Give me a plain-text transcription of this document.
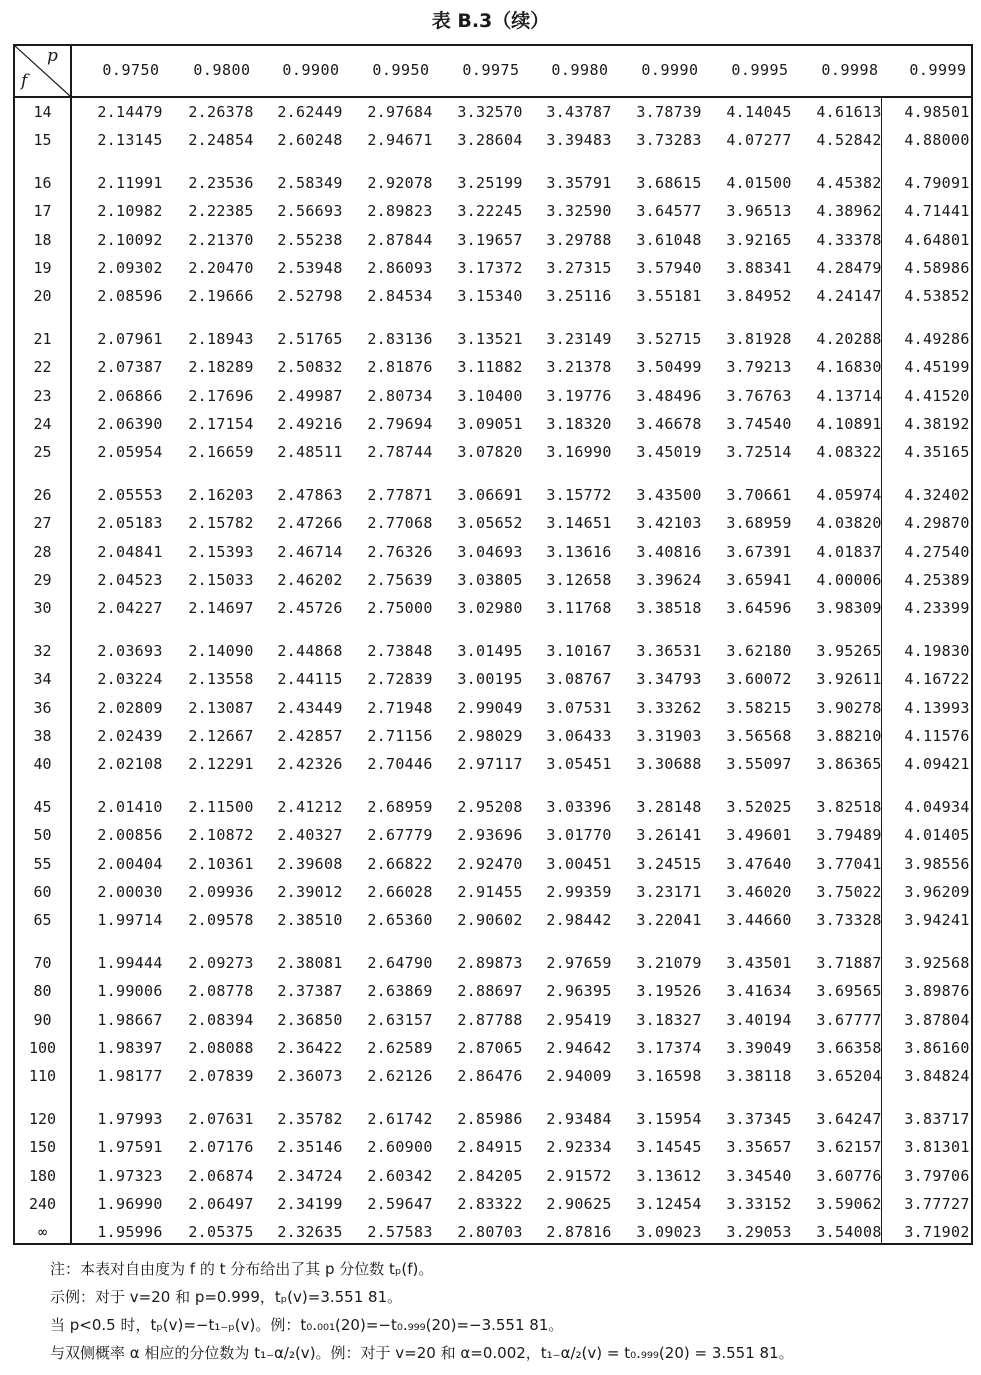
表 B.3（续）
p
f
0.9750	0.9800	0.9900	0.9950	0.9975	0.9980	0.9990	0.9995	0.9998	0.9999
14	2.14479	2.26378	2.62449	2.97684	3.32570	3.43787	3.78739	4.14045	4.61613	4.98501
15	2.13145	2.24854	2.60248	2.94671	3.28604	3.39483	3.73283	4.07277	4.52842	4.88000
16	2.11991	2.23536	2.58349	2.92078	3.25199	3.35791	3.68615	4.01500	4.45382	4.79091
17	2.10982	2.22385	2.56693	2.89823	3.22245	3.32590	3.64577	3.96513	4.38962	4.71441
18	2.10092	2.21370	2.55238	2.87844	3.19657	3.29788	3.61048	3.92165	4.33378	4.64801
19	2.09302	2.20470	2.53948	2.86093	3.17372	3.27315	3.57940	3.88341	4.28479	4.58986
20	2.08596	2.19666	2.52798	2.84534	3.15340	3.25116	3.55181	3.84952	4.24147	4.53852
21	2.07961	2.18943	2.51765	2.83136	3.13521	3.23149	3.52715	3.81928	4.20288	4.49286
22	2.07387	2.18289	2.50832	2.81876	3.11882	3.21378	3.50499	3.79213	4.16830	4.45199
23	2.06866	2.17696	2.49987	2.80734	3.10400	3.19776	3.48496	3.76763	4.13714	4.41520
24	2.06390	2.17154	2.49216	2.79694	3.09051	3.18320	3.46678	3.74540	4.10891	4.38192
25	2.05954	2.16659	2.48511	2.78744	3.07820	3.16990	3.45019	3.72514	4.08322	4.35165
26	2.05553	2.16203	2.47863	2.77871	3.06691	3.15772	3.43500	3.70661	4.05974	4.32402
27	2.05183	2.15782	2.47266	2.77068	3.05652	3.14651	3.42103	3.68959	4.03820	4.29870
28	2.04841	2.15393	2.46714	2.76326	3.04693	3.13616	3.40816	3.67391	4.01837	4.27540
29	2.04523	2.15033	2.46202	2.75639	3.03805	3.12658	3.39624	3.65941	4.00006	4.25389
30	2.04227	2.14697	2.45726	2.75000	3.02980	3.11768	3.38518	3.64596	3.98309	4.23399
32	2.03693	2.14090	2.44868	2.73848	3.01495	3.10167	3.36531	3.62180	3.95265	4.19830
34	2.03224	2.13558	2.44115	2.72839	3.00195	3.08767	3.34793	3.60072	3.92611	4.16722
36	2.02809	2.13087	2.43449	2.71948	2.99049	3.07531	3.33262	3.58215	3.90278	4.13993
38	2.02439	2.12667	2.42857	2.71156	2.98029	3.06433	3.31903	3.56568	3.88210	4.11576
40	2.02108	2.12291	2.42326	2.70446	2.97117	3.05451	3.30688	3.55097	3.86365	4.09421
45	2.01410	2.11500	2.41212	2.68959	2.95208	3.03396	3.28148	3.52025	3.82518	4.04934
50	2.00856	2.10872	2.40327	2.67779	2.93696	3.01770	3.26141	3.49601	3.79489	4.01405
55	2.00404	2.10361	2.39608	2.66822	2.92470	3.00451	3.24515	3.47640	3.77041	3.98556
60	2.00030	2.09936	2.39012	2.66028	2.91455	2.99359	3.23171	3.46020	3.75022	3.96209
65	1.99714	2.09578	2.38510	2.65360	2.90602	2.98442	3.22041	3.44660	3.73328	3.94241
70	1.99444	2.09273	2.38081	2.64790	2.89873	2.97659	3.21079	3.43501	3.71887	3.92568
80	1.99006	2.08778	2.37387	2.63869	2.88697	2.96395	3.19526	3.41634	3.69565	3.89876
90	1.98667	2.08394	2.36850	2.63157	2.87788	2.95419	3.18327	3.40194	3.67777	3.87804
100	1.98397	2.08088	2.36422	2.62589	2.87065	2.94642	3.17374	3.39049	3.66358	3.86160
110	1.98177	2.07839	2.36073	2.62126	2.86476	2.94009	3.16598	3.38118	3.65204	3.84824
120	1.97993	2.07631	2.35782	2.61742	2.85986	2.93484	3.15954	3.37345	3.64247	3.83717
150	1.97591	2.07176	2.35146	2.60900	2.84915	2.92334	3.14545	3.35657	3.62157	3.81301
180	1.97323	2.06874	2.34724	2.60342	2.84205	2.91572	3.13612	3.34540	3.60776	3.79706
240	1.96990	2.06497	2.34199	2.59647	2.83322	2.90625	3.12454	3.33152	3.59062	3.77727
∞	1.95996	2.05375	2.32635	2.57583	2.80703	2.87816	3.09023	3.29053	3.54008	3.71902
注：本表对自由度为 f 的 t 分布给出了其 p 分位数 tₚ(f)。
示例：对于 v=20 和 p=0.999，tₚ(v)=3.551 81。
当 p<0.5 时，tₚ(v)=−t₁₋ₚ(v)。例：t₀.₀₀₁(20)=−t₀.₉₉₉(20)=−3.551 81。
与双侧概率 α 相应的分位数为 t₁₋α/₂(v)。例：对于 v=20 和 α=0.002，t₁₋α/₂(v) = t₀.₉₉₉(20) = 3.551 81。
